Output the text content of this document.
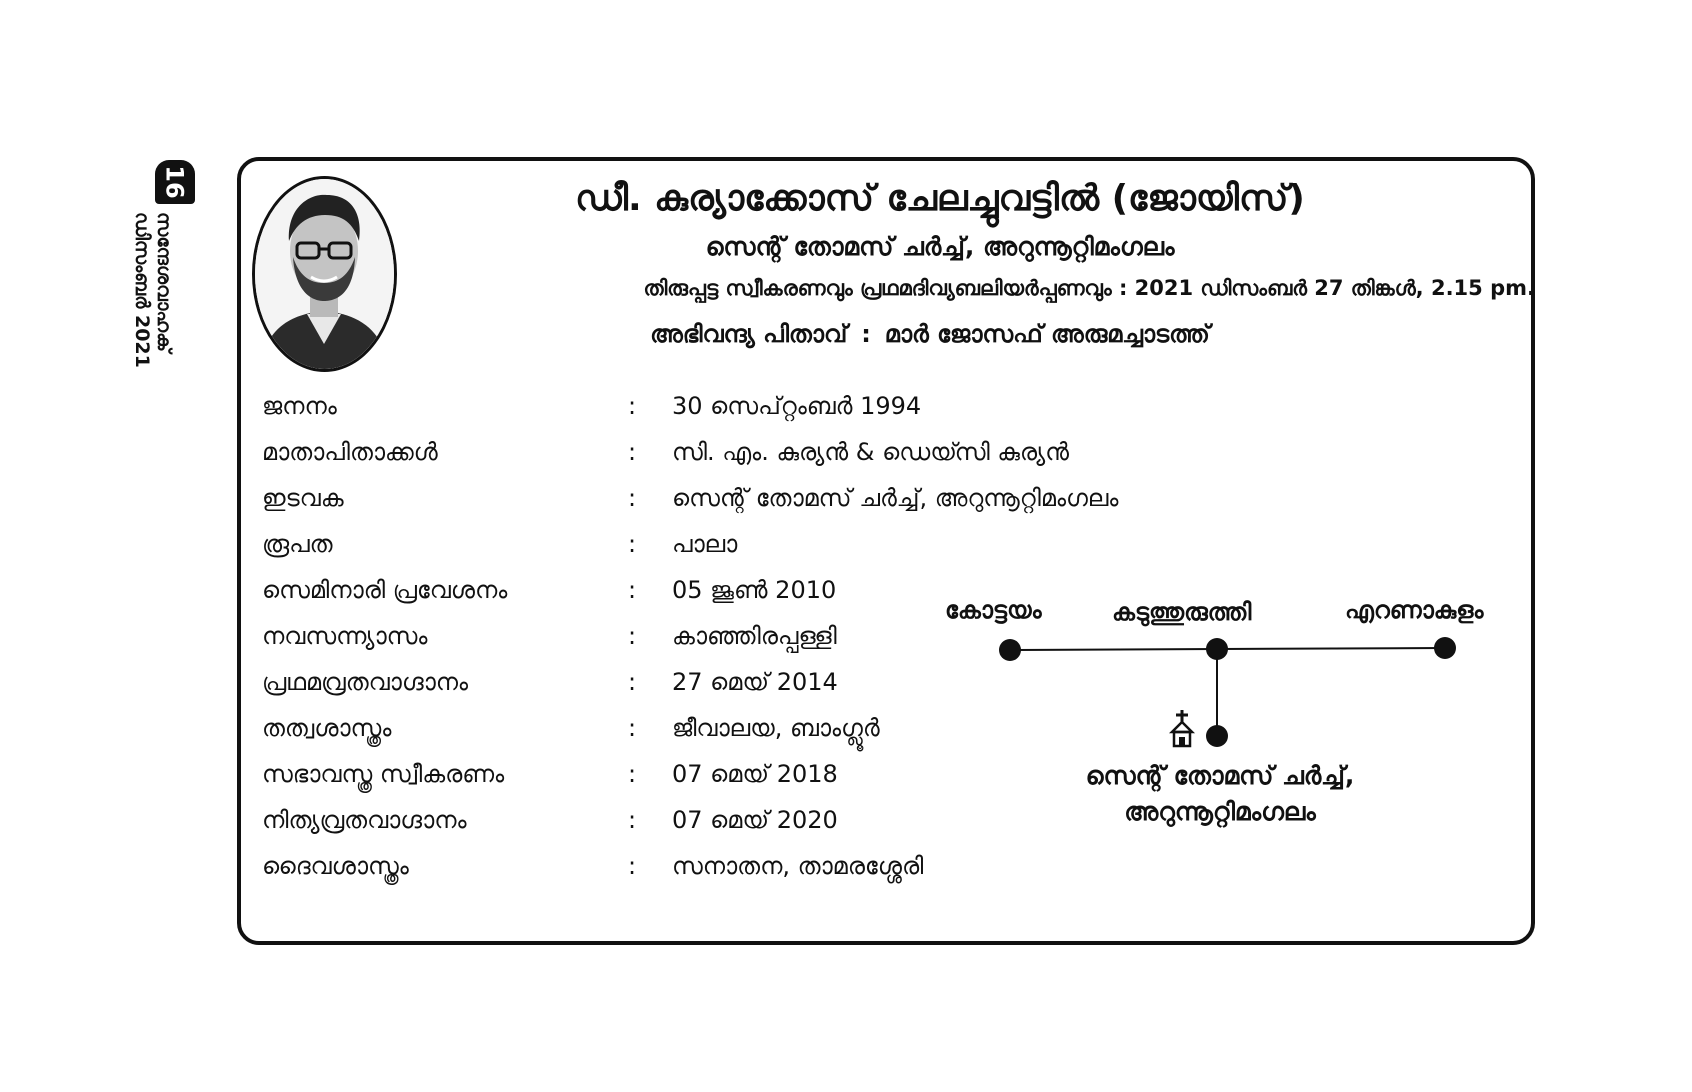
16
സന്ദേശവാഹക്
ഡിസംബർ 2021
ഡീ. കുര്യാക്കോസ് ചേലച്ചുവട്ടിൽ (ജോയിസ്)
സെന്റ് തോമസ് ചർച്ച്, അറുന്നൂറ്റിമംഗലം
തിരുപ്പട്ട സ്വീകരണവും പ്രഥമദിവ്യബലിയർപ്പണവും : 2021 ഡിസംബർ 27 തിങ്കൾ, 2.15 pm.
അഭിവന്ദ്യ പിതാവ് : മാർ ജോസഫ് അരുമച്ചാടത്ത്
ജനനം	: 30 സെപ്റ്റംബർ 1994
മാതാപിതാക്കൾ	: സി. എം. കുര്യൻ & ഡെയ്സി കുര്യൻ
ഇടവക	: സെന്റ് തോമസ് ചർച്ച്, അറുന്നൂറ്റിമംഗലം
രൂപത	: പാലാ
സെമിനാരി പ്രവേശനം	: 05 ജൂൺ 2010
നവസന്ന്യാസം	: കാഞ്ഞിരപ്പള്ളി
പ്രഥമവ്രതവാഗ്ദാനം	: 27 മെയ് 2014
തത്വശാസ്ത്രം	: ജീവാലയ, ബാംഗ്ലൂർ
സഭാവസ്ത്ര സ്വീകരണം	: 07 മെയ് 2018
നിത്യവ്രതവാഗ്ദാനം	: 07 മെയ് 2020
ദൈവശാസ്ത്രം	: സനാതന, താമരശ്ശേരി
കോട്ടയം	കടുത്തുരുത്തി	എറണാകുളം
സെന്റ് തോമസ് ചർച്ച്,
അറുന്നൂറ്റിമംഗലം
